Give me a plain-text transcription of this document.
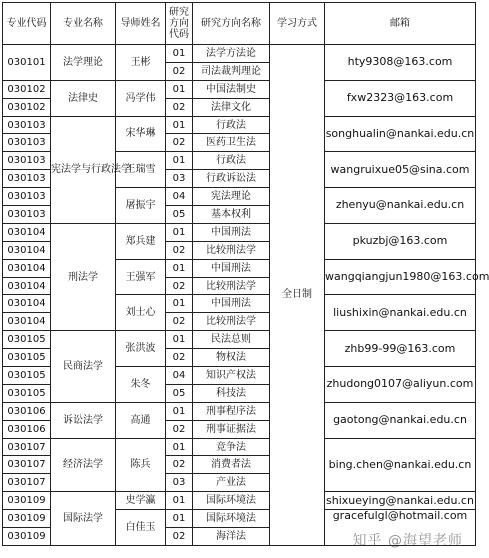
专业代码	专业名称	导师姓名	研究方向代码	研究方向名称	学习方式	邮箱
030101	法学理论	王彬	01	法学方法论	全日制	hty9308@163.com
			02	司法裁判理论		
030102	法律史	冯学伟	01	中国法制史		fxw2323@163.com
030102			02	法律文化		
030103	宪法学与行政法学	宋华琳	01	行政法		songhualin@nankai.edu.cn
030103			02	医药卫生法		
030103		王瑞雪	01	行政法		wangruixue05@sina.com
030103			03	行政诉讼法		
030103		屠振宇	04	宪法理论		zhenyu@nankai.edu.cn
030103			05	基本权利		
030104	刑法学	郑兵建	01	中国刑法		pkuzbj@163.com
030104			02	比较刑法学		
030104		王强军	01	中国刑法		wangqiangjun1980@163.com
030104			02	比较刑法学		
030104		刘士心	01	中国刑法		liushixin@nankai.edu.cn
030104			02	比较刑法学		
030105	民商法学	张洪波	01	民法总则		zhb99-99@163.com
030105			02	物权法		
030105		朱冬	04	知识产权法		zhudong0107@aliyun.com
030105			05	科技法		
030106	诉讼法学	高通	01	刑事程序法		gaotong@nankai.edu.cn
030106			02	刑事证据法		
030107	经济法学	陈兵	01	竞争法		bing.chen@nankai.edu.cn
030107			02	消费者法		
030107			03	产业法		
030109	国际法学	史学瀛	01	国际环境法		shixueying@nankai.edu.cn
030109		白佳玉	01	国际环境法		gracefulgl@hotmail.com
030109			02	海洋法			知乎 @海望老师
